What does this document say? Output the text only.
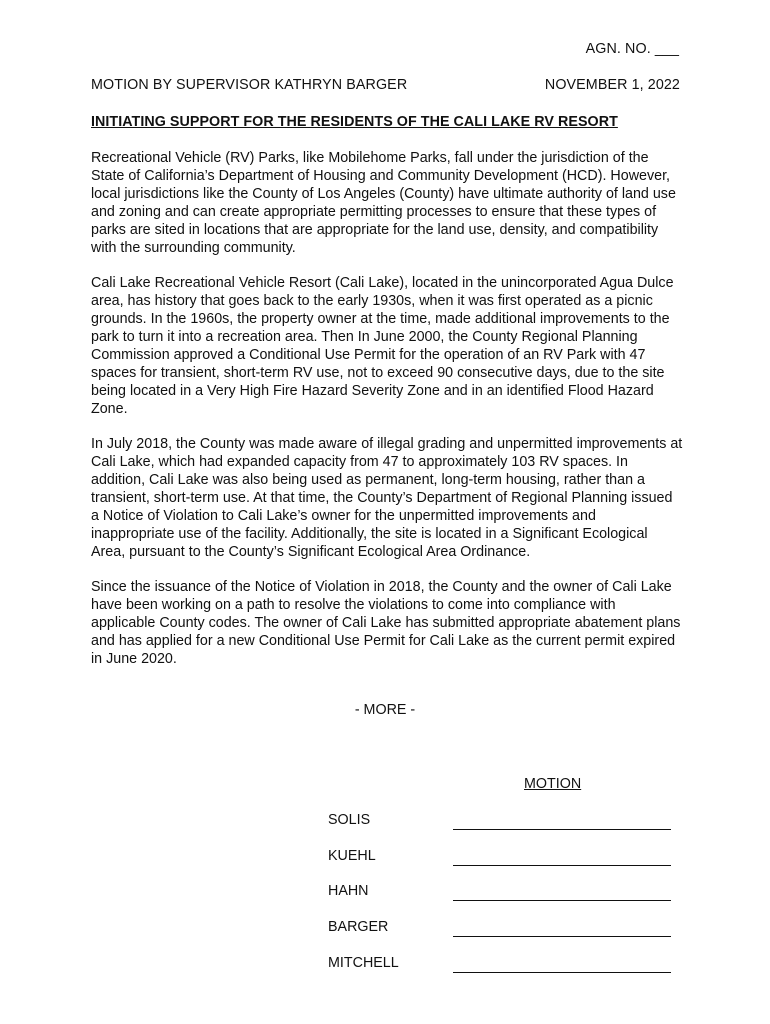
AGN. NO. ___
MOTION BY SUPERVISOR KATHRYN BARGER	NOVEMBER 1, 2022
INITIATING SUPPORT FOR THE RESIDENTS OF THE CALI LAKE RV RESORT

Recreational Vehicle (RV) Parks, like Mobilehome Parks, fall under the jurisdiction of the State of California’s Department of Housing and Community Development (HCD). However, local jurisdictions like the County of Los Angeles (County) have ultimate authority of land use and zoning and can create appropriate permitting processes to ensure that these types of parks are sited in locations that are appropriate for the land use, density, and compatibility with the surrounding community.

Cali Lake Recreational Vehicle Resort (Cali Lake), located in the unincorporated Agua Dulce area, has history that goes back to the early 1930s, when it was first operated as a picnic grounds. In the 1960s, the property owner at the time, made additional improvements to the park to turn it into a recreation area. Then In June 2000, the County Regional Planning Commission approved a Conditional Use Permit for the operation of an RV Park with 47 spaces for transient, short-term RV use, not to exceed 90 consecutive days, due to the site being located in a Very High Fire Hazard Severity Zone and in an identified Flood Hazard Zone.

In July 2018, the County was made aware of illegal grading and unpermitted improvements at Cali Lake, which had expanded capacity from 47 to approximately 103 RV spaces. In addition, Cali Lake was also being used as permanent, long-term housing, rather than a transient, short-term use. At that time, the County’s Department of Regional Planning issued a Notice of Violation to Cali Lake’s owner for the unpermitted improvements and inappropriate use of the facility. Additionally, the site is located in a Significant Ecological Area, pursuant to the County’s Significant Ecological Area Ordinance.

Since the issuance of the Notice of Violation in 2018, the County and the owner of Cali Lake have been working on a path to resolve the violations to come into compliance with applicable County codes. The owner of Cali Lake has submitted appropriate abatement plans and has applied for a new Conditional Use Permit for Cali Lake as the current permit expired in June 2020.

- MORE -
MOTION
SOLIS
KUEHL
HAHN
BARGER
MITCHELL
